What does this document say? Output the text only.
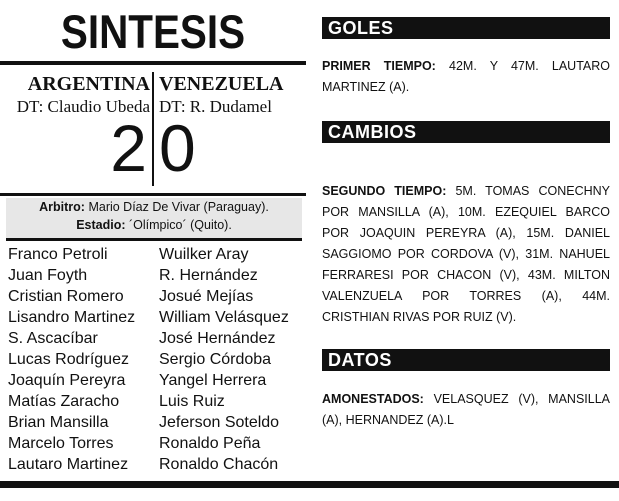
SINTESIS
ARGENTINA VENEZUELA
DT: Claudio Ubeda DT: R. Dudamel
2 0
Arbitro: Mario Díaz De Vivar (Paraguay).
Estadio: ´Olímpico´ (Quito).
Franco Petroli
Juan Foyth
Cristian Romero
Lisandro Martinez
S. Ascacíbar
Lucas Rodríguez
Joaquín Pereyra
Matías Zaracho
Brian Mansilla
Marcelo Torres
Lautaro Martinez
Wuilker Aray
R. Hernández
Josué Mejías
William Velásquez
José Hernández
Sergio Córdoba
Yangel Herrera
Luis Ruiz
Jeferson Soteldo
Ronaldo Peña
Ronaldo Chacón
GOLES
PRIMER TIEMPO: 42M. Y 47M. LAUTARO MARTINEZ (A).
CAMBIOS
SEGUNDO TIEMPO: 5M. TOMAS CONECHNY POR MANSILLA (A), 10M. EZEQUIEL BARCO POR JOAQUIN PEREYRA (A), 15M. DANIEL SAGGIOMO POR CORDOVA (V), 31M. NAHUEL FERRARESI POR CHACON (V), 43M. MILTON VALENZUELA POR TORRES (A), 44M. CRISTHIAN RIVAS POR RUIZ (V).
DATOS
AMONESTADOS: VELASQUEZ (V), MANSILLA (A), HERNANDEZ (A).L
